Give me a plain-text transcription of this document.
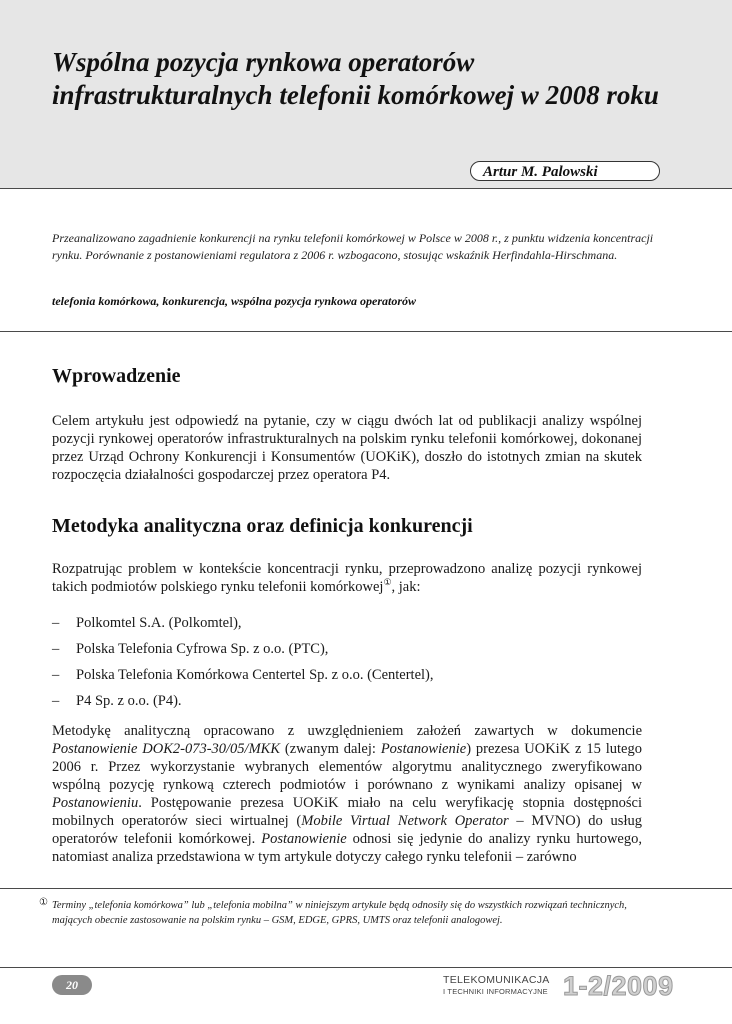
Wspólna pozycja rynkowa operatorów
infrastrukturalnych telefonii komórkowej w 2008 roku
Artur M. Palowski

Przeanalizowano zagadnienie konkurencji na rynku telefonii komórkowej w Polsce w 2008 r., z punktu widzenia koncentracji rynku. Porównanie z postanowieniami regulatora z 2006 r. wzbogacono, stosując wskaźnik Herfindahla-Hirschmana.

telefonia komórkowa, konkurencja, wspólna pozycja rynkowa operatorów

Wprowadzenie

Celem artykułu jest odpowiedź na pytanie, czy w ciągu dwóch lat od publikacji analizy wspólnej pozycji rynkowej operatorów infrastrukturalnych na polskim rynku telefonii komórkowej, dokonanej przez Urząd Ochrony Konkurencji i Konsumentów (UOKiK), doszło do istotnych zmian na skutek rozpoczęcia działalności gospodarczej przez operatora P4.

Metodyka analityczna oraz definicja konkurencji

Rozpatrując problem w kontekście koncentracji rynku, przeprowadzono analizę pozycji rynkowej takich podmiotów polskiego rynku telefonii komórkowej①, jak:

– Polkomtel S.A. (Polkomtel),
– Polska Telefonia Cyfrowa Sp. z o.o. (PTC),
– Polska Telefonia Komórkowa Centertel Sp. z o.o. (Centertel),
– P4 Sp. z o.o. (P4).

Metodykę analityczną opracowano z uwzględnieniem założeń zawartych w dokumencie Postanowienie DOK2-073-30/05/MKK (zwanym dalej: Postanowienie) prezesa UOKiK z 15 lutego 2006 r. Przez wykorzystanie wybranych elementów algorytmu analitycznego zweryfikowano wspólną pozycję rynkową czterech podmiotów i porównano z wynikami analizy opisanej w Postanowieniu. Postępowanie prezesa UOKiK miało na celu weryfikację stopnia dostępności mobilnych operatorów sieci wirtualnej (Mobile Virtual Network Operator – MVNO) do usług operatorów telefonii komórkowej. Postanowienie odnosi się jedynie do analizy rynku hurtowego, natomiast analiza przedstawiona w tym artykule dotyczy całego rynku telefonii – zarówno

① Terminy „telefonia komórkowa” lub „telefonia mobilna” w niniejszym artykule będą odnosiły się do wszystkich rozwiązań technicznych, mających obecnie zastosowanie na polskim rynku – GSM, EDGE, GPRS, UMTS oraz telefonii analogowej.

20	TELEKOMUNIKACJA
I TECHNIKI INFORMACYJNE 1-2/2009
